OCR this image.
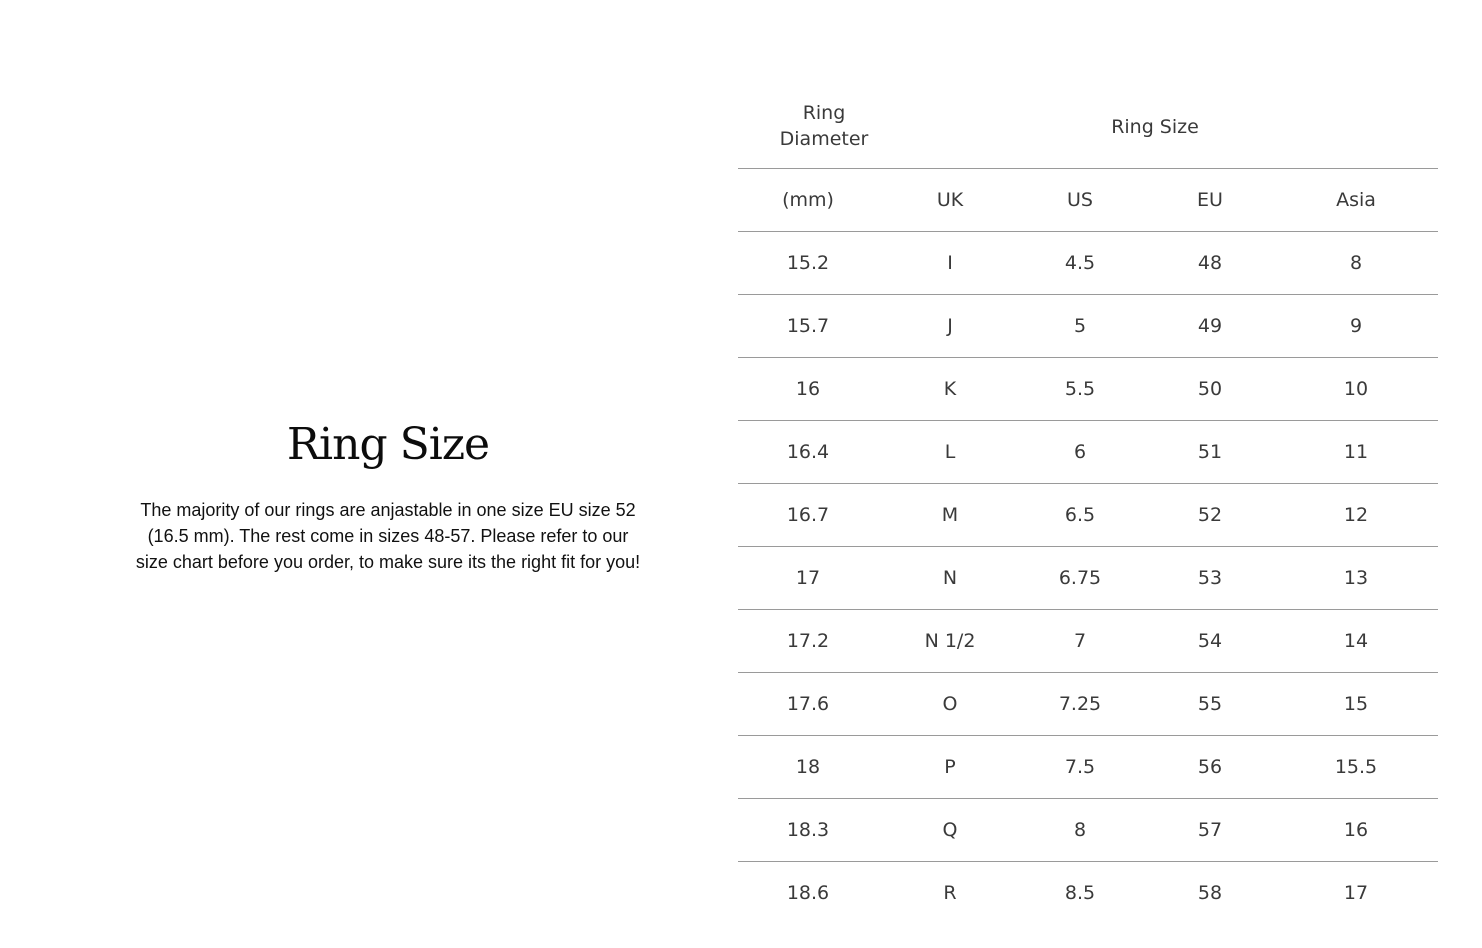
Ring Size

The majority of our rings are anjastable in one size EU size 52 (16.5 mm). The rest come in sizes 48-57. Please refer to our size chart before you order, to make sure its the right fit for you!

Ring
Diameter
Ring Size
(mm)	UK	US	EU	Asia
15.2	I	4.5	48	8
15.7	J	5	49	9
16	K	5.5	50	10
16.4	L	6	51	11
16.7	M	6.5	52	12
17	N	6.75	53	13
17.2	N 1/2	7	54	14
17.6	O	7.25	55	15
18	P	7.5	56	15.5
18.3	Q	8	57	16
18.6	R	8.5	58	17
